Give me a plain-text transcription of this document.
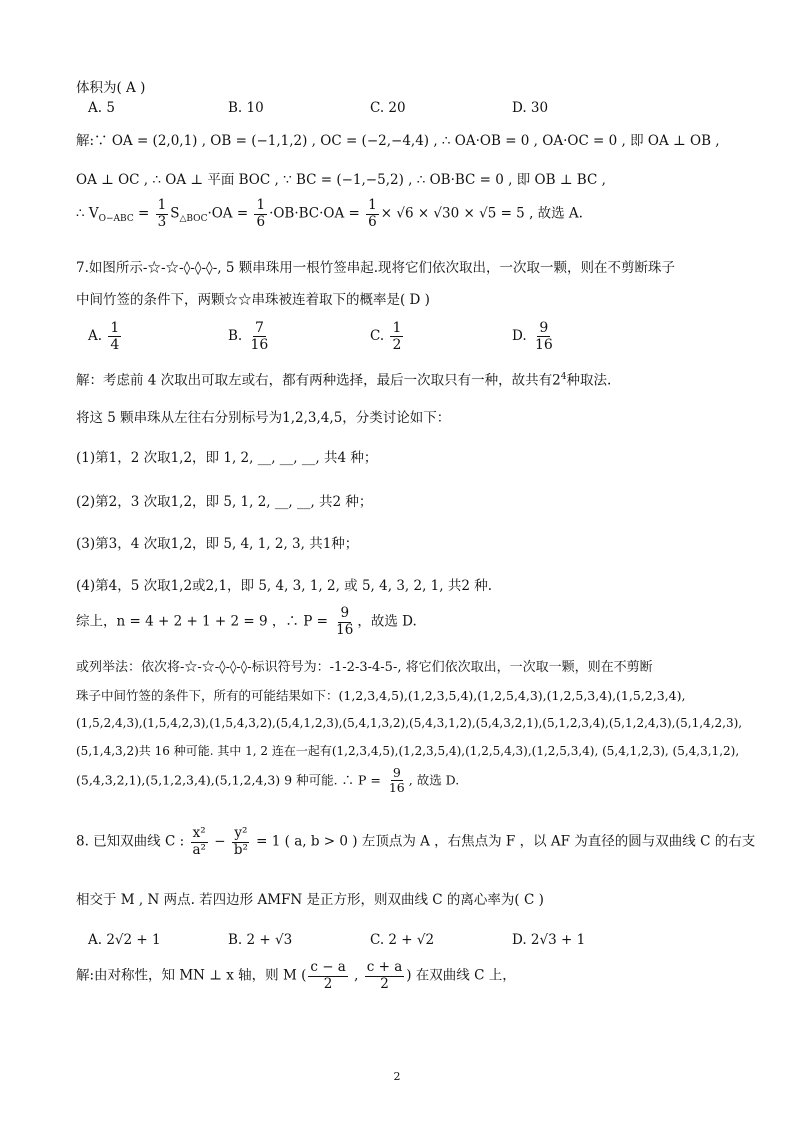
体积为( A )
A. 5	B. 10	C. 20	D. 30
解:∵ OA = (2,0,1) , OB = (−1,1,2) , OC = (−2,−4,4) , ∴ OA·OB = 0 , OA·OC = 0 , 即 OA ⊥ OB ,
OA ⊥ OC , ∴ OA ⊥ 平面 BOC , ∵ BC = (−1,−5,2) , ∴ OB·BC = 0 , 即 OB ⊥ BC ,
∴ $V_{O-ABC} = \frac{1}{3} S_{\triangle BOC}\cdot OA = \frac{1}{6} \cdot OB\cdot BC\cdot OA = \frac{1}{6} \times √6 \times √30 \times √5 = 5$ , 故选 A.
7.如图所示-☆-☆-◊-◊-◊-, 5 颗串珠用一根竹签串起.现将它们依次取出，一次取一颗，则在不剪断珠子
中间竹签的条件下，两颗☆☆串珠被连着取下的概率是( D )
A. $\frac{1}{4}$	B. $\frac{7}{16}$	C. $\frac{1}{2}$	D. $\frac{9}{16}$
解：考虑前 4 次取出可取左或右，都有两种选择，最后一次取只有一种，故共有$2^4$种取法.
将这 5 颗串珠从左往右分别标号为1,2,3,4,5，分类讨论如下：
(1)第1，2 次取1,2，即 1, 2, __, __, __, 共4 种；
(2)第2，3 次取1,2，即 5, 1, 2, __, __, 共2 种；
(3)第3，4 次取1,2，即 5, 4, 1, 2, 3, 共1种；
(4)第4，5 次取1,2或2,1，即 5, 4, 3, 1, 2, 或 5, 4, 3, 2, 1, 共2 种.
综上，n = 4 + 2 + 1 + 2 = 9 ，∴ $P = \frac{9}{16}$ ，故选 D.
或列举法：依次将-☆-☆-◊-◊-◊-标识符号为：-1-2-3-4-5-, 将它们依次取出，一次取一颗，则在不剪断
珠子中间竹签的条件下，所有的可能结果如下：(1,2,3,4,5),(1,2,3,5,4),(1,2,5,4,3),(1,2,5,3,4),(1,5,2,3,4),
(1,5,2,4,3),(1,5,4,2,3),(1,5,4,3,2),(5,4,1,2,3),(5,4,1,3,2),(5,4,3,1,2),(5,4,3,2,1),(5,1,2,3,4),(5,1,2,4,3),(5,1,4,2,3),
(5,1,4,3,2)共 16 种可能. 其中 1, 2 连在一起有(1,2,3,4,5),(1,2,3,5,4),(1,2,5,4,3),(1,2,5,3,4), (5,4,1,2,3), (5,4,3,1,2),
(5,4,3,2,1),(5,1,2,3,4),(5,1,2,4,3) 9 种可能. ∴ $P = \frac{9}{16}$ , 故选 D.
8. 已知双曲线 C : $\frac{\text{x²}}{\text{a²}} - \frac{\text{y²}}{\text{b²}} = 1$ ( a, b > 0 ) 左顶点为 A ，右焦点为 F ，以 AF 为直径的圆与双曲线 C 的右支
相交于 M , N 两点. 若四边形 AMFN 是正方形，则双曲线 C 的离心率为( C )
A. 2√2 + 1	B. 2 + √3	C. 2 + √2	D. 2√3 + 1
解:由对称性，知 MN ⊥ x 轴，则 M ( $\frac{c - a}{2}$ , $\frac{c + a}{2}$ ) 在双曲线 C 上，
2
